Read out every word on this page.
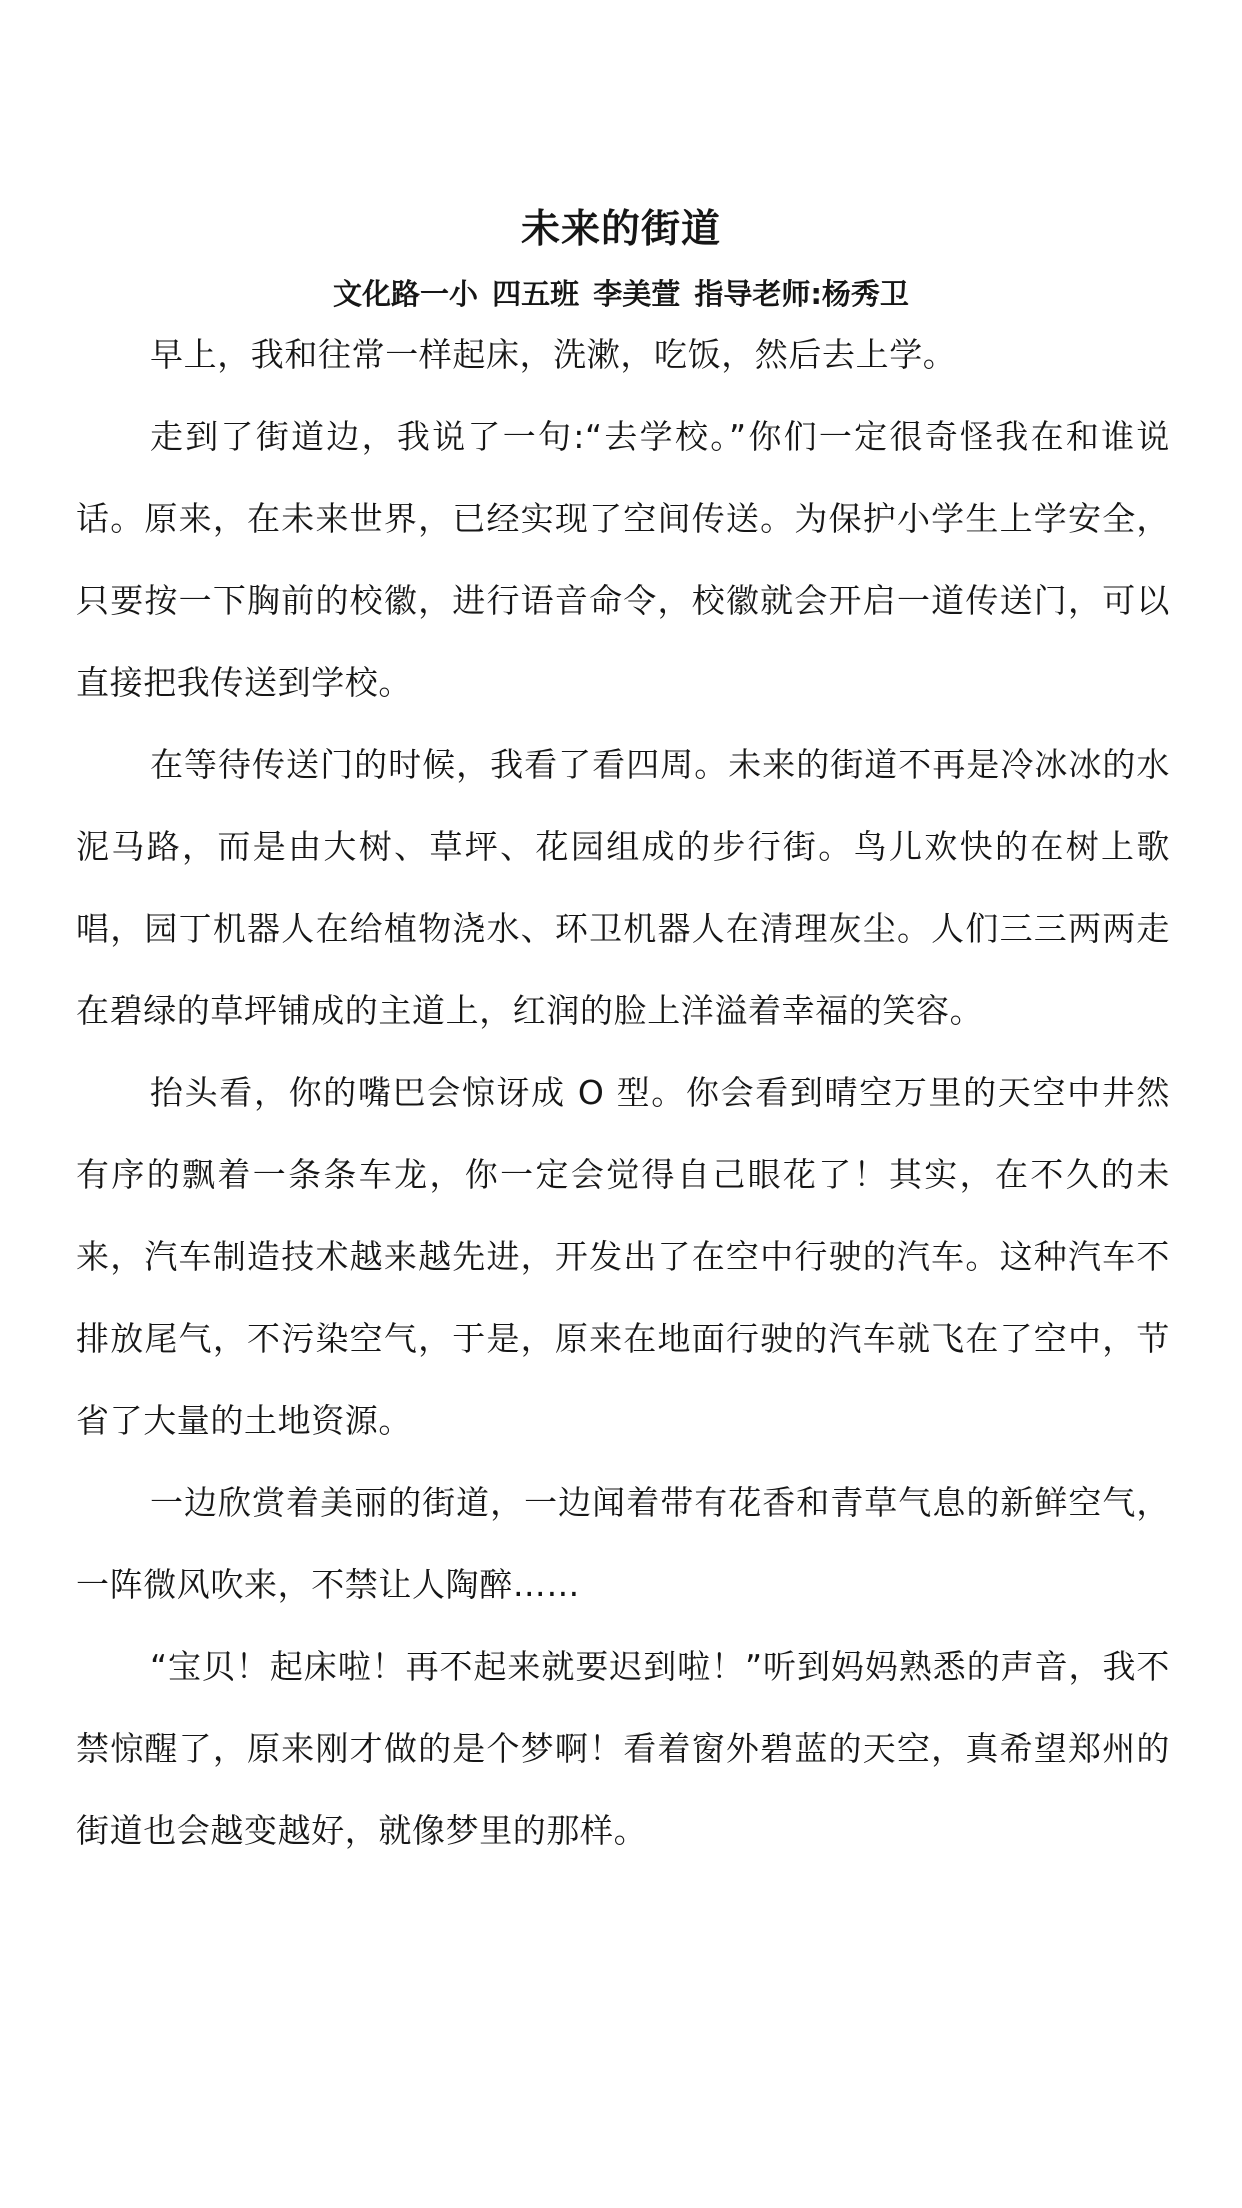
未来的街道
文化路一小 四五班 李美萱 指导老师:杨秀卫

早上，我和往常一样起床，洗漱，吃饭，然后去上学。

走到了街道边，我说了一句:“去学校。”你们一定很奇怪我在和谁说话。原来，在未来世界，已经实现了空间传送。为保护小学生上学安全，只要按一下胸前的校徽，进行语音命令，校徽就会开启一道传送门，可以直接把我传送到学校。

在等待传送门的时候，我看了看四周。未来的街道不再是冷冰冰的水泥马路，而是由大树、草坪、花园组成的步行街。鸟儿欢快的在树上歌唱，园丁机器人在给植物浇水、环卫机器人在清理灰尘。人们三三两两走在碧绿的草坪铺成的主道上，红润的脸上洋溢着幸福的笑容。

抬头看，你的嘴巴会惊讶成 O 型。你会看到晴空万里的天空中井然有序的飘着一条条车龙，你一定会觉得自己眼花了！其实，在不久的未来，汽车制造技术越来越先进，开发出了在空中行驶的汽车。这种汽车不排放尾气，不污染空气，于是，原来在地面行驶的汽车就飞在了空中，节省了大量的土地资源。

一边欣赏着美丽的街道，一边闻着带有花香和青草气息的新鲜空气，一阵微风吹来，不禁让人陶醉……

“宝贝！起床啦！再不起来就要迟到啦！”听到妈妈熟悉的声音，我不禁惊醒了，原来刚才做的是个梦啊！看着窗外碧蓝的天空，真希望郑州的街道也会越变越好，就像梦里的那样。
